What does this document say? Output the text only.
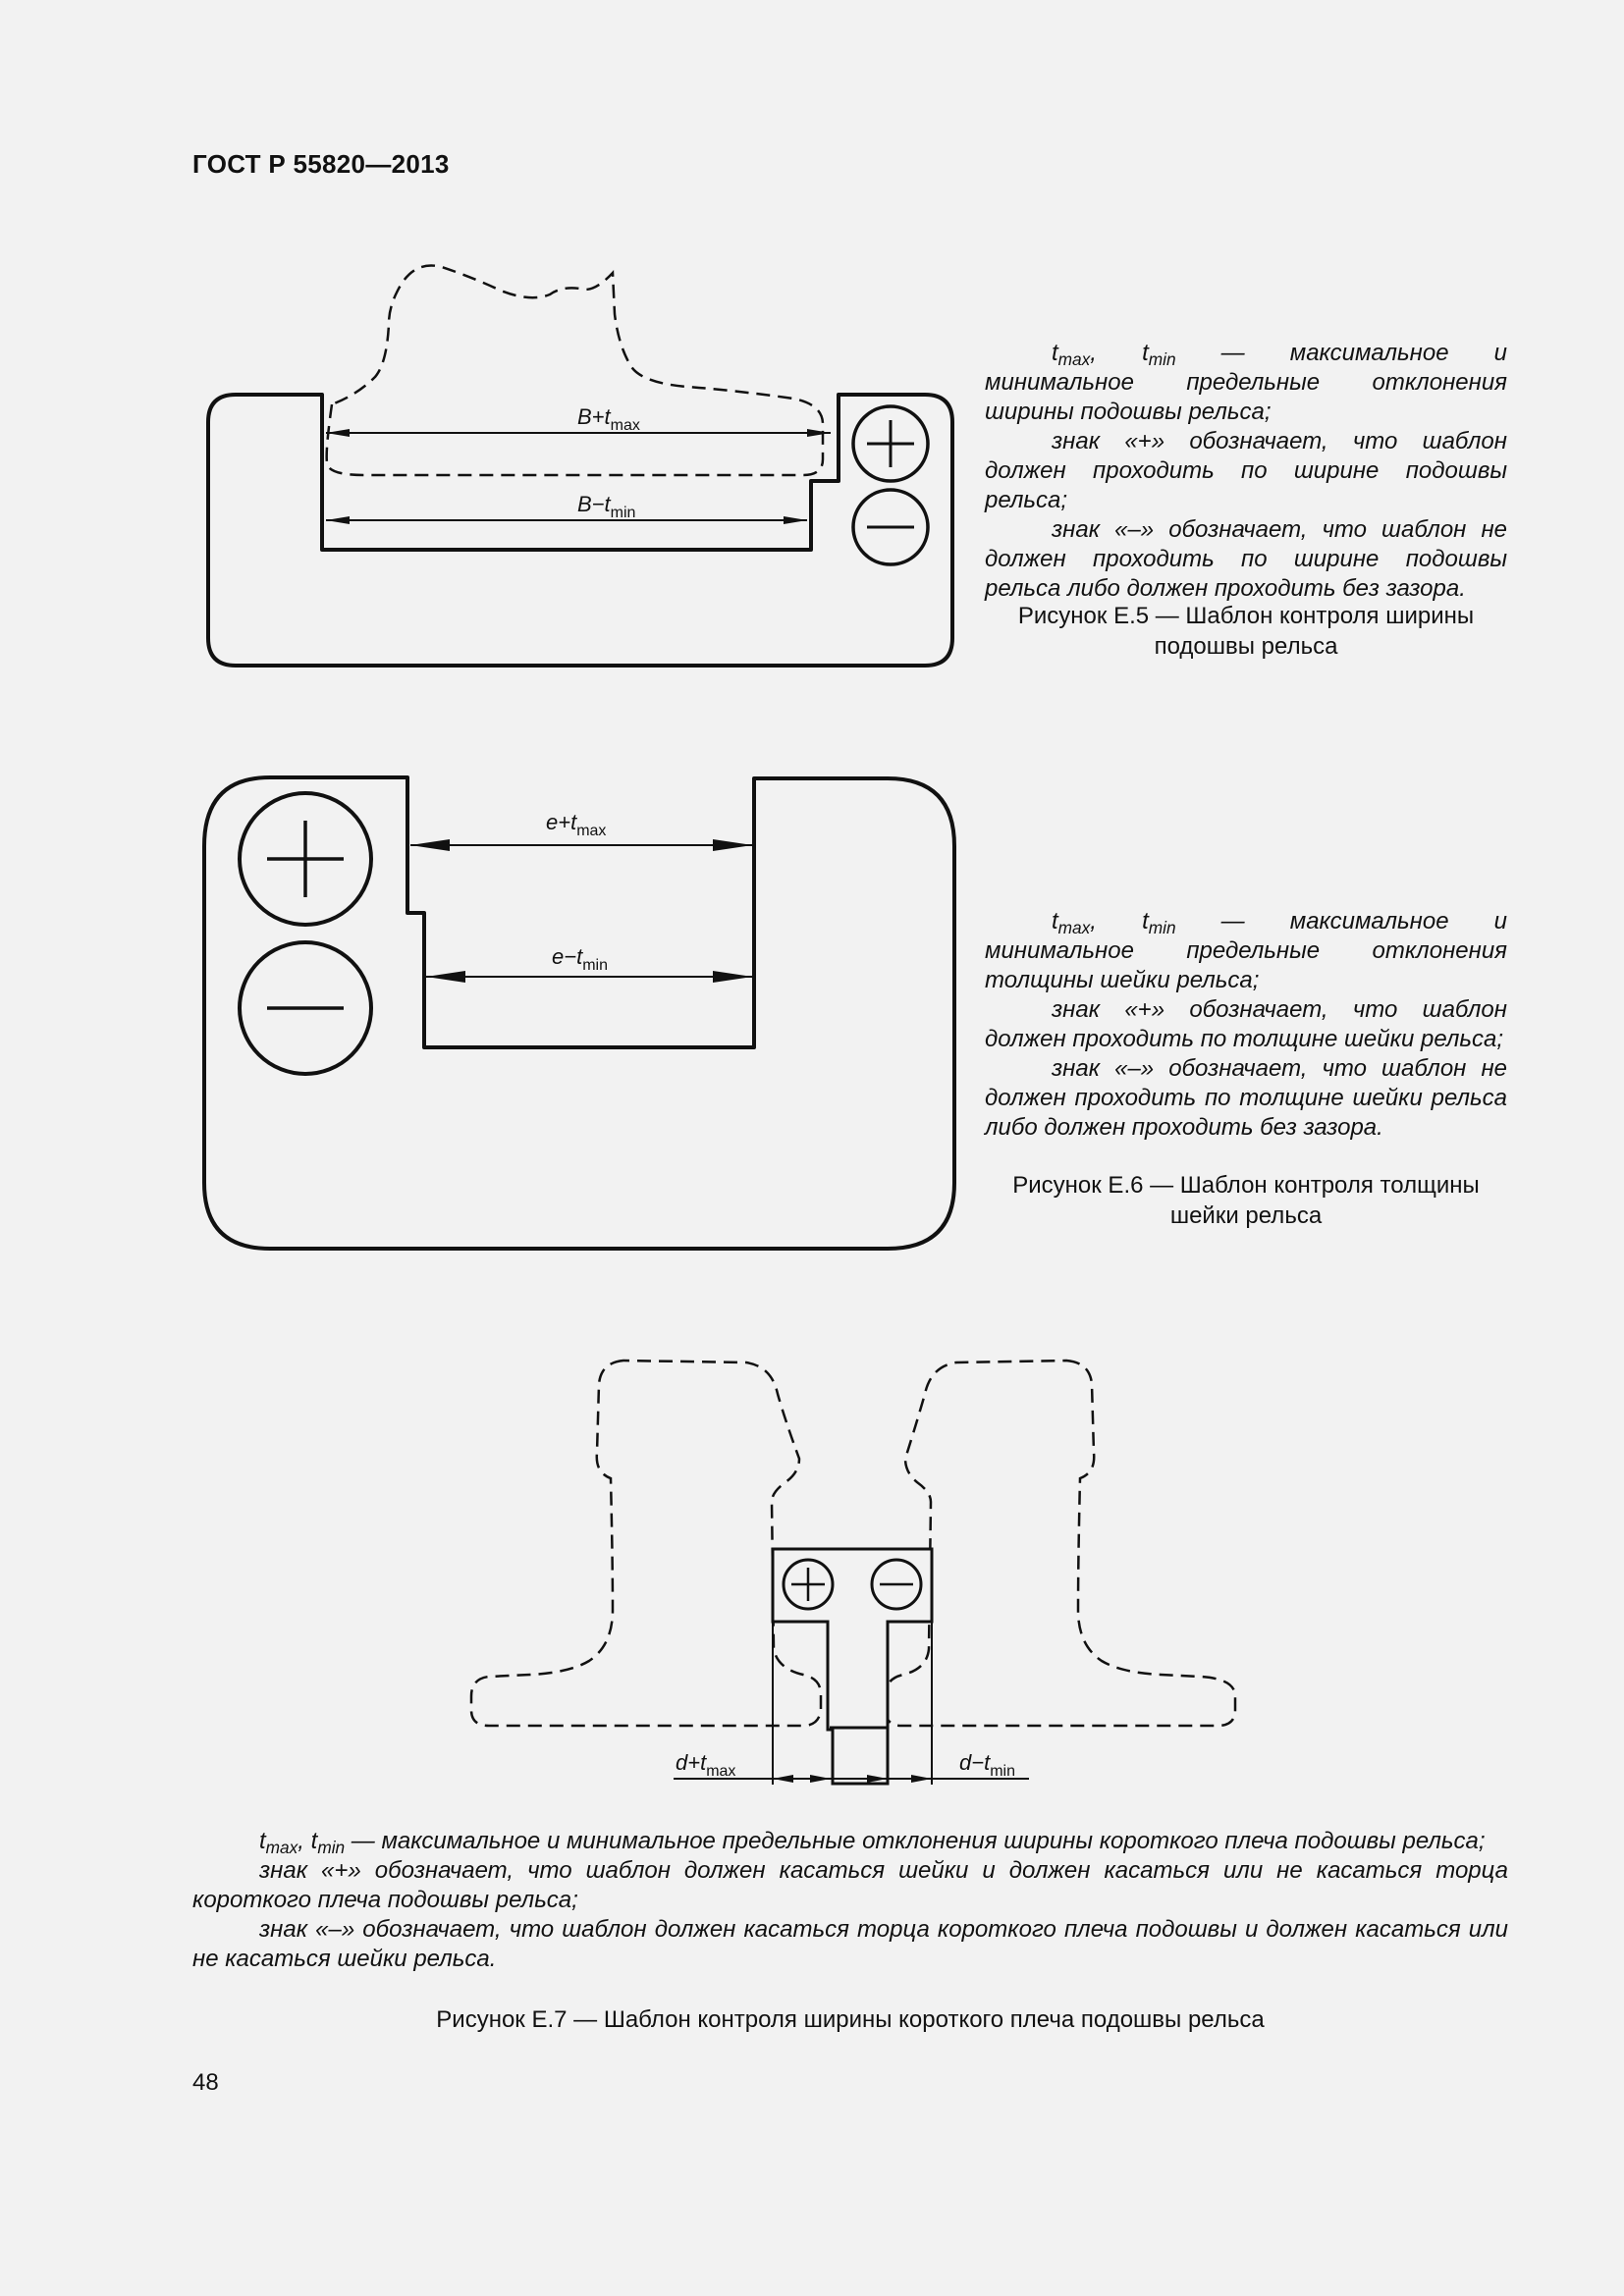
ГОСТ Р 55820—2013
$B+t_{max}$
$B-t_{min}$

$t_{max}$, $t_{min}$ — максимальное и минимальное предельные отклонения ширины подошвы рельса;

знак «+» обозначает, что шаблон должен проходить по ширине подошвы рельса;

знак «–» обозначает, что шаблон не должен проходить по ширине подошвы рельса либо должен проходить без зазора.

Рисунок Е.5 — Шаблон контроля ширины
подошвы рельса
$e+t_{max}$
$e-t_{min}$

$t_{max}$, $t_{min}$ — максимальное и минимальное предельные отклонения толщины шейки рельса;

знак «+» обозначает, что шаблон должен проходить по толщине шейки рельса;

знак «–» обозначает, что шаблон не должен проходить по толщине шейки рельса либо должен проходить без зазора.

Рисунок Е.6 — Шаблон контроля толщины
шейки рельса
$d+t_{max}$	$d-t_{min}$

$t_{max}$, $t_{min}$ — максимальное и минимальное предельные отклонения ширины короткого плеча подошвы рельса;

знак «+» обозначает, что шаблон должен касаться шейки и должен касаться или не касаться торца короткого плеча подошвы рельса;

знак «–» обозначает, что шаблон должен касаться торца короткого плеча подошвы и должен касаться или не касаться шейки рельса.

Рисунок Е.7 — Шаблон контроля ширины короткого плеча подошвы рельса
48
